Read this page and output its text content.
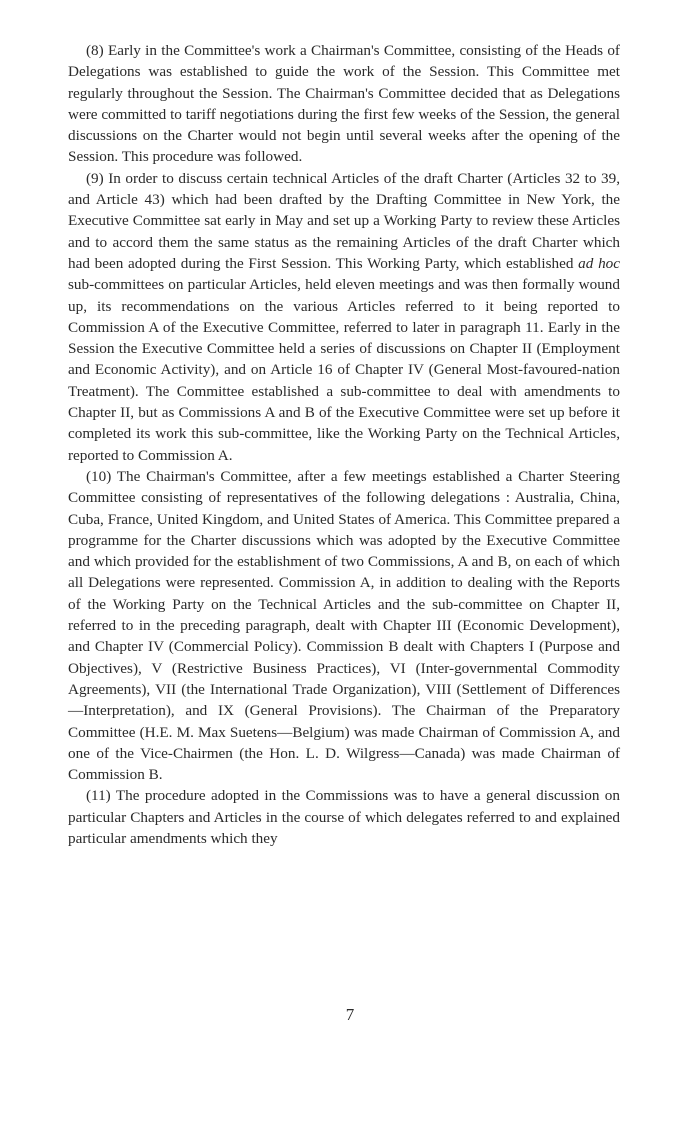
(8) Early in the Committee's work a Chairman's Committee, consisting of the Heads of Delegations was established to guide the work of the Session. This Committee met regularly throughout the Session. The Chairman's Committee decided that as Delegations were committed to tariff negotiations during the first few weeks of the Session, the general discussions on the Charter would not begin until several weeks after the opening of the Session. This procedure was followed.

(9) In order to discuss certain technical Articles of the draft Charter (Articles 32 to 39, and Article 43) which had been drafted by the Drafting Committee in New York, the Executive Committee sat early in May and set up a Working Party to review these Articles and to accord them the same status as the remaining Articles of the draft Charter which had been adopted during the First Session. This Working Party, which established ad hoc sub-committees on particular Articles, held eleven meetings and was then formally wound up, its recommendations on the various Articles referred to it being reported to Commission A of the Executive Committee, referred to later in paragraph 11. Early in the Session the Executive Committee held a series of discussions on Chapter II (Employment and Economic Activity), and on Article 16 of Chapter IV (General Most-favoured-nation Treatment). The Committee established a sub-committee to deal with amendments to Chapter II, but as Commissions A and B of the Executive Committee were set up before it completed its work this sub-committee, like the Working Party on the Technical Articles, reported to Commission A.

(10) The Chairman's Committee, after a few meetings established a Charter Steering Committee consisting of representatives of the following delegations : Australia, China, Cuba, France, United Kingdom, and United States of America. This Committee prepared a programme for the Charter discussions which was adopted by the Executive Committee and which provided for the establishment of two Commissions, A and B, on each of which all Delegations were represented. Commission A, in addition to dealing with the Reports of the Working Party on the Technical Articles and the sub-committee on Chapter II, referred to in the preceding paragraph, dealt with Chapter III (Economic Development), and Chapter IV (Commercial Policy). Commission B dealt with Chapters I (Purpose and Objectives), V (Restrictive Business Practices), VI (Inter-governmental Commodity Agreements), VII (the International Trade Organization), VIII (Settlement of Differences—Interpretation), and IX (General Provisions). The Chairman of the Preparatory Committee (H.E. M. Max Suetens—Belgium) was made Chairman of Commission A, and one of the Vice-Chairmen (the Hon. L. D. Wilgress—Canada) was made Chairman of Commission B.

(11) The procedure adopted in the Commissions was to have a general discussion on particular Chapters and Articles in the course of which delegates referred to and explained particular amendments which they

7
